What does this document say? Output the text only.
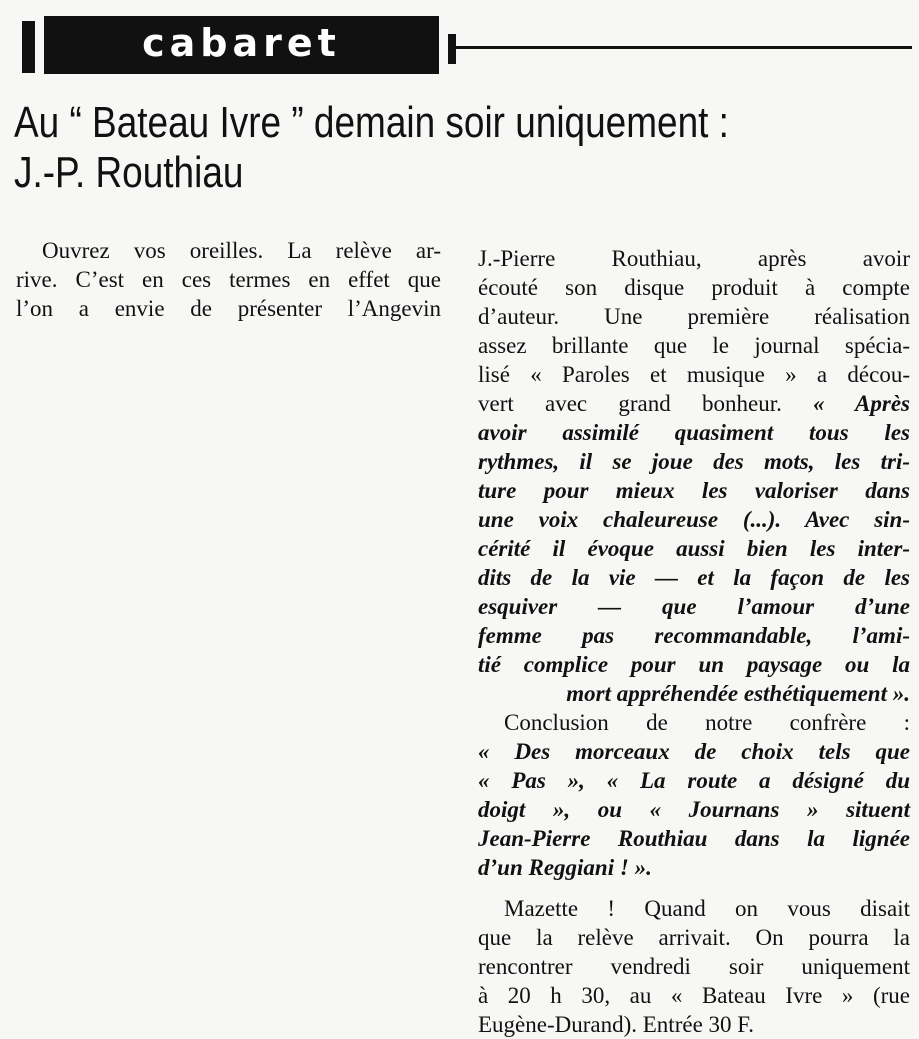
cabaret
Au “ Bateau Ivre ” demain soir uniquement :
J.-P. Routhiau
Ouvrez vos oreilles. La relève ar-
rive. C’est en ces termes en effet que
l’on a envie de présenter l’Angevin
J.-Pierre Routhiau, après avoir
écouté son disque produit à compte
d’auteur. Une première réalisation
assez brillante que le journal spécia-
lisé « Paroles et musique » a décou-
vert avec grand bonheur. « Après
avoir assimilé quasiment tous les
rythmes, il se joue des mots, les tri-
ture pour mieux les valoriser dans
une voix chaleureuse (...). Avec sin-
cérité il évoque aussi bien les inter-
dits de la vie — et la façon de les
esquiver — que l’amour d’une
femme pas recommandable, l’ami-
tié complice pour un paysage ou la
mort appréhendée esthétiquement ».
Conclusion de notre confrère :
« Des morceaux de choix tels que
« Pas », « La route a désigné du
doigt », ou « Journans » situent
Jean-Pierre Routhiau dans la lignée
d’un Reggiani ! ».
Mazette ! Quand on vous disait
que la relève arrivait. On pourra la
rencontrer vendredi soir uniquement
à 20 h 30, au « Bateau Ivre » (rue
Eugène-Durand). Entrée 30 F.
